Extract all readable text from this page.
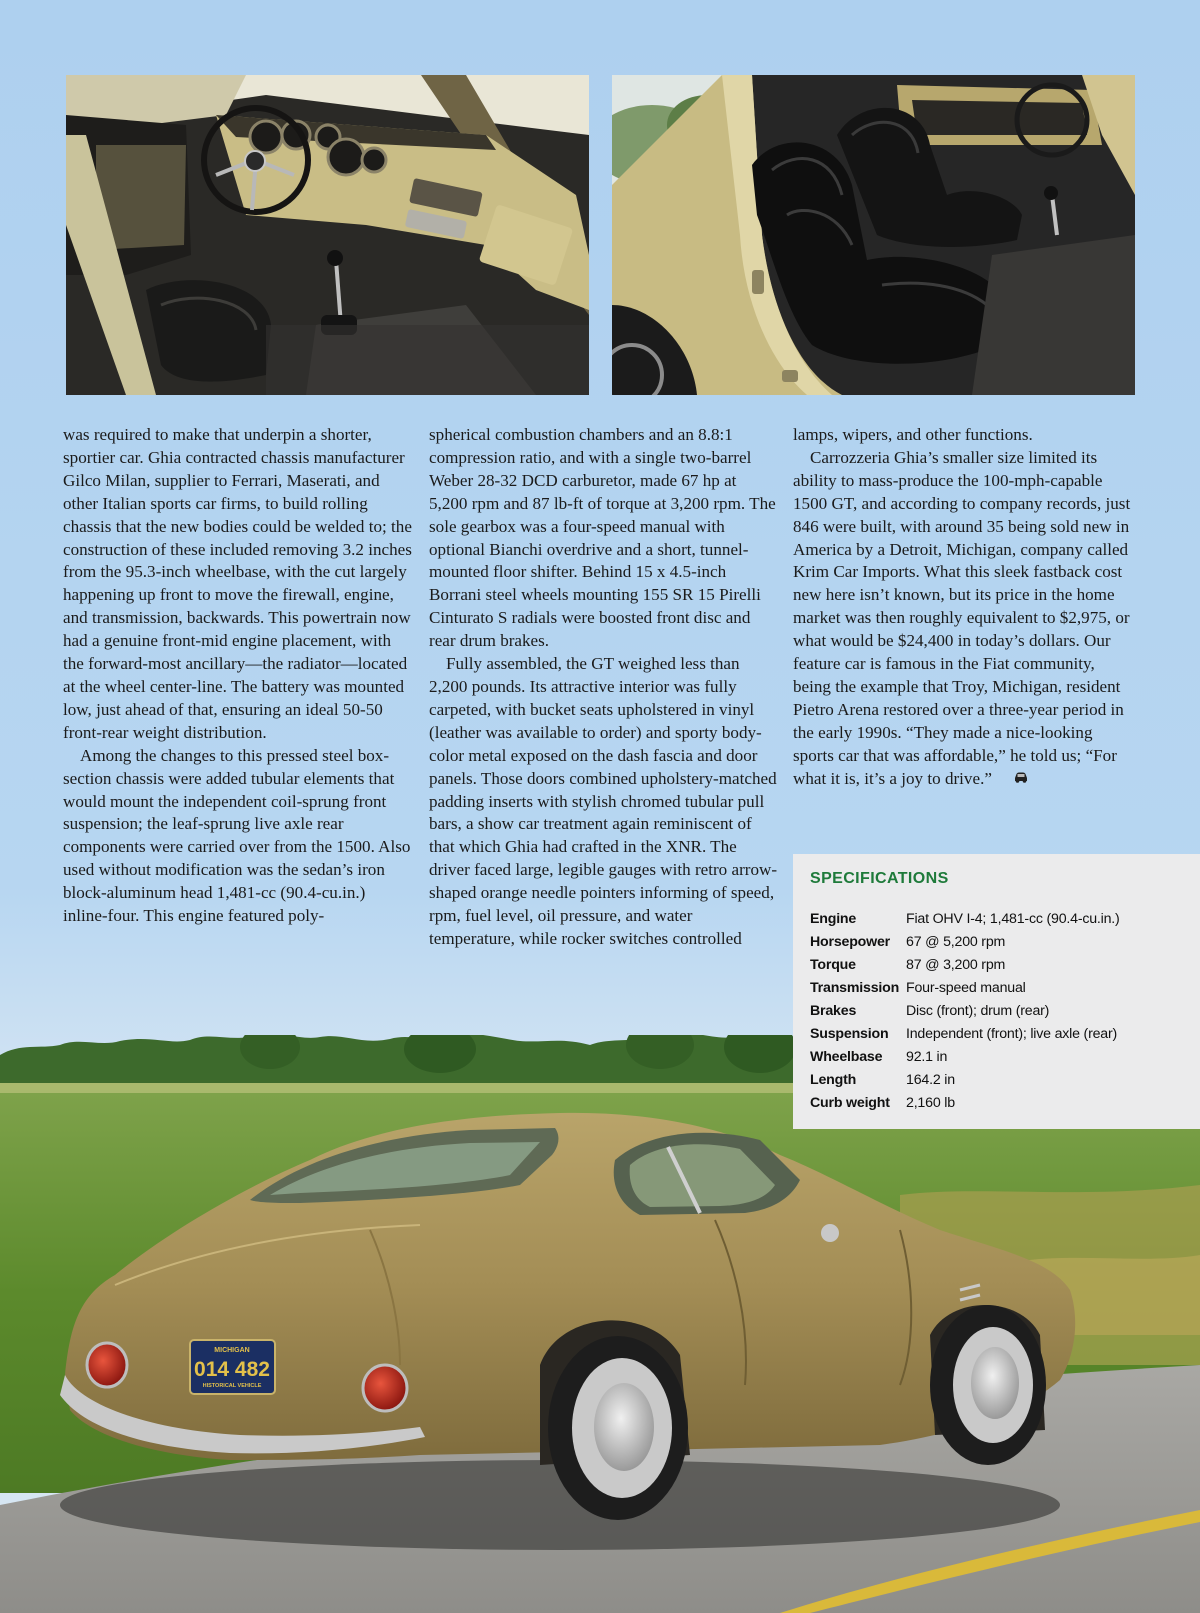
was required to make that underpin a shorter, sportier car. Ghia contracted chassis manufacturer Gilco Milan, supplier to Ferrari, Maserati, and other Italian sports car firms, to build rolling chassis that the new bodies could be welded to; the construction of these included removing 3.2 inches from the 95.3-inch wheelbase, with the cut largely happening up front to move the firewall, engine, and transmission, backwards. This powertrain now had a genuine front-mid engine placement, with the forward-most ancillary—the radiator—located at the wheel center-line. The battery was mounted low, just ahead of that, ensuring an ideal 50-50 front-rear weight distribution.

Among the changes to this pressed steel box-section chassis were added tubular elements that would mount the independent coil-sprung front suspension; the leaf-sprung live axle rear components were carried over from the 1500. Also used without modification was the sedan’s iron block-aluminum head 1,481-cc (90.4-cu.in.) inline-four. This engine featured poly-

spherical combustion chambers and an 8.8:1 compression ratio, and with a single two-barrel Weber 28-32 DCD carburetor, made 67 hp at 5,200 rpm and 87 lb-ft of torque at 3,200 rpm. The sole gearbox was a four-speed manual with optional Bianchi overdrive and a short, tunnel-mounted floor shifter. Behind 15 x 4.5-inch Borrani steel wheels mounting 155 SR 15 Pirelli Cinturato S radials were boosted front disc and rear drum brakes.

Fully assembled, the GT weighed less than 2,200 pounds. Its attractive interior was fully carpeted, with bucket seats upholstered in vinyl (leather was available to order) and sporty body-color metal exposed on the dash fascia and door panels. Those doors combined upholstery-matched padding inserts with stylish chromed tubular pull bars, a show car treatment again reminiscent of that which Ghia had crafted in the XNR. The driver faced large, legible gauges with retro arrow-shaped orange needle pointers informing of speed, rpm, fuel level, oil pressure, and water temperature, while rocker switches controlled

lamps, wipers, and other functions.

Carrozzeria Ghia’s smaller size limited its ability to mass-produce the 100-mph-capable 1500 GT, and according to company records, just 846 were built, with around 35 being sold new in America by a Detroit, Michigan, company called Krim Car Imports. What this sleek fastback cost new here isn’t known, but its price in the home market was then roughly equivalent to $2,975, or what would be $24,400 in today’s dollars. Our feature car is famous in the Fiat community, being the example that Troy, Michigan, resident Pietro Arena restored over a three-year period in the early 1990s. “They made a nice-looking sports car that was affordable,” he told us; “For what it is, it’s a joy to drive.”

MICHIGAN
014 482
HISTORICAL VEHICLE
SPECIFICATIONS
Engine	Fiat OHV I-4; 1,481-cc (90.4-cu.in.)
Horsepower	67 @ 5,200 rpm
Torque	87 @ 3,200 rpm
Transmission	Four-speed manual
Brakes	Disc (front); drum (rear)
Suspension	Independent (front); live axle (rear)
Wheelbase	92.1 in
Length	164.2 in
Curb weight	2,160 lb
